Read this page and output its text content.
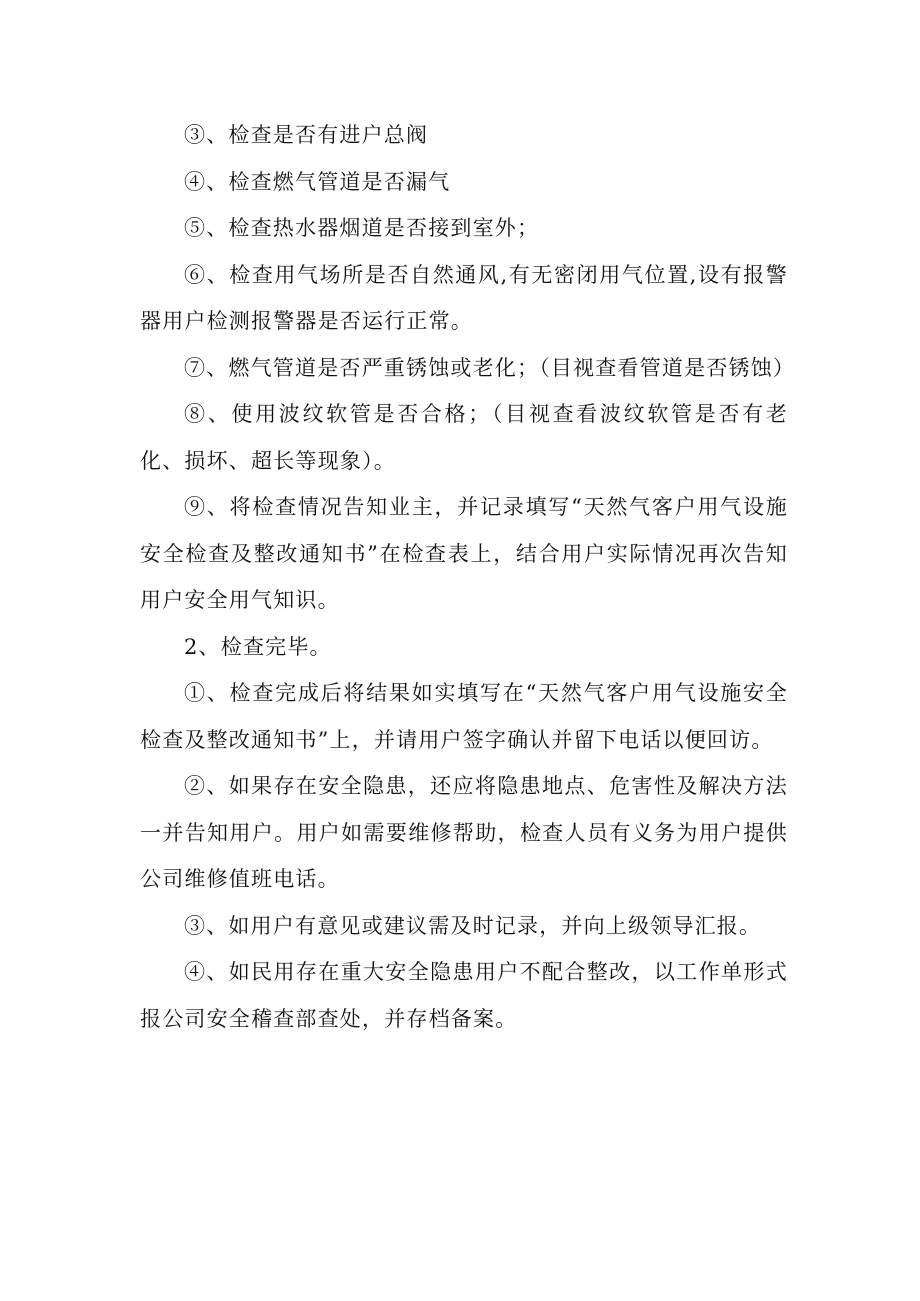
③、检查是否有进户总阀

④、检查燃气管道是否漏气

⑤、检查热水器烟道是否接到室外；

⑥、检查用气场所是否自然通风,有无密闭用气位置,设有报警器用户检测报警器是否运行正常。

⑦、燃气管道是否严重锈蚀或老化；（目视查看管道是否锈蚀）

⑧、使用波纹软管是否合格；（目视查看波纹软管是否有老化、损坏、超长等现象）。

⑨、将检查情况告知业主，并记录填写“天然气客户用气设施安全检查及整改通知书”在检查表上，结合用户实际情况再次告知用户安全用气知识。

2、检查完毕。

①、检查完成后将结果如实填写在“天然气客户用气设施安全检查及整改通知书”上，并请用户签字确认并留下电话以便回访。

②、如果存在安全隐患，还应将隐患地点、危害性及解决方法一并告知用户。用户如需要维修帮助，检查人员有义务为用户提供公司维修值班电话。

③、如用户有意见或建议需及时记录，并向上级领导汇报。

④、如民用存在重大安全隐患用户不配合整改，以工作单形式报公司安全稽查部查处，并存档备案。
